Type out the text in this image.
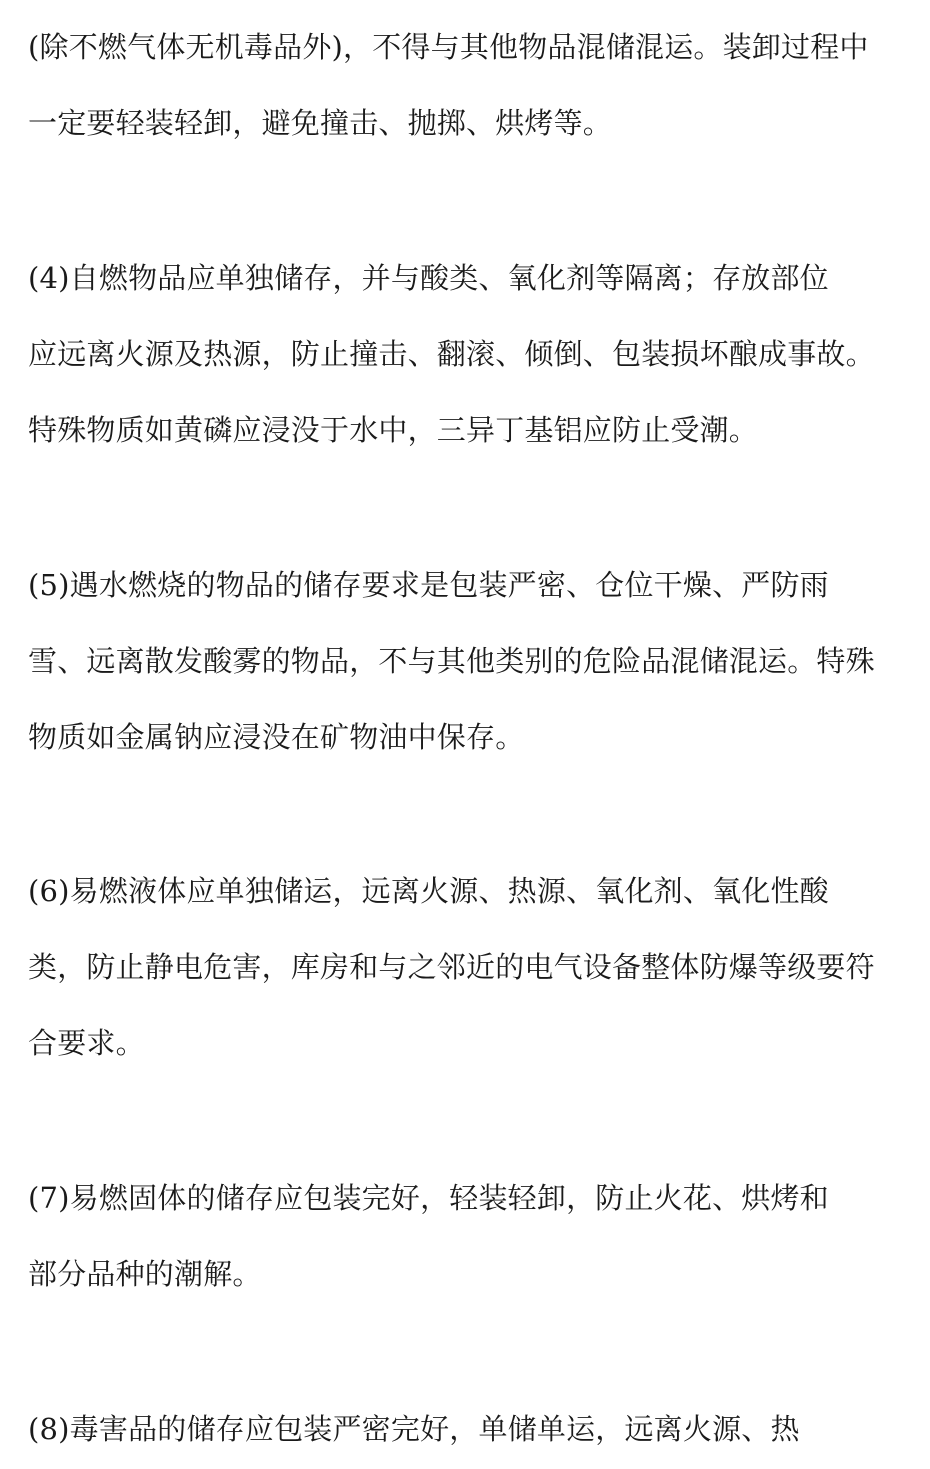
(除不燃气体无机毒品外)，不得与其他物品混储混运。装卸过程中
一定要轻装轻卸，避免撞击、抛掷、烘烤等。
(4)自燃物品应单独储存，并与酸类、氧化剂等隔离；存放部位
应远离火源及热源，防止撞击、翻滚、倾倒、包装损坏酿成事故。
特殊物质如黄磷应浸没于水中，三异丁基铝应防止受潮。
(5)遇水燃烧的物品的储存要求是包装严密、仓位干燥、严防雨
雪、远离散发酸雾的物品，不与其他类别的危险品混储混运。特殊
物质如金属钠应浸没在矿物油中保存。
(6)易燃液体应单独储运，远离火源、热源、氧化剂、氧化性酸
类，防止静电危害，库房和与之邻近的电气设备整体防爆等级要符
合要求。
(7)易燃固体的储存应包装完好，轻装轻卸，防止火花、烘烤和
部分品种的潮解。
(8)毒害品的储存应包装严密完好，单储单运，远离火源、热
